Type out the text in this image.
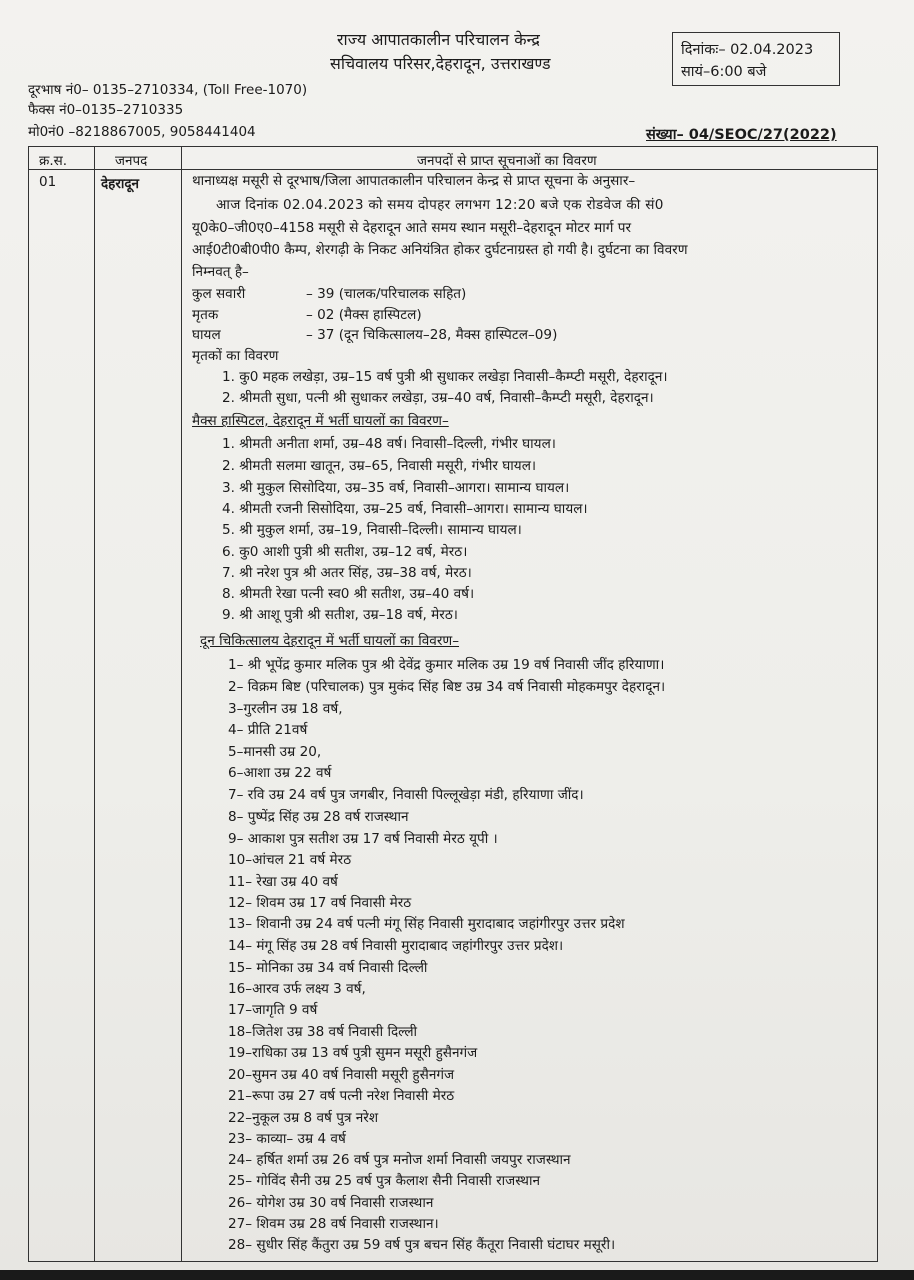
राज्य आपातकालीन परिचालन केन्द्र
सचिवालय परिसर,देहरादून, उत्तराखण्ड
दिनांकः– 02.04.2023
सायं–6:00 बजे
दूरभाष नं0– 0135–2710334, (Toll Free-1070)
फैक्स नं0–0135–2710335
मो0नं0 –8218867005, 9058441404	संख्या– 04/SEOC/27(2022)
क्र.स.	जनपद	जनपदों से प्राप्त सूचनाओं का विवरण
01	देहरादून	थानाध्यक्ष मसूरी से दूरभाष/जिला आपातकालीन परिचालन केन्द्र से प्राप्त सूचना के अनुसार–
आज दिनांक 02.04.2023 को समय दोपहर लगभग 12:20 बजे एक रोडवेज की सं0
यू0के0–जी0ए0–4158 मसूरी से देहरादून आते समय स्थान मसूरी–देहरादून मोटर मार्ग पर
आई0टी0बी0पी0 कैम्प, शेरगढ़ी के निकट अनियंत्रित होकर दुर्घटनाग्रस्त हो गयी है। दुर्घटना का विवरण
निम्नवत् है–
कुल सवारी	– 39 (चालक/परिचालक सहित)
मृतक	– 02 (मैक्स हास्पिटल)
घायल	– 37 (दून चिकित्सालय–28, मैक्स हास्पिटल–09)
मृतकों का विवरण
1. कु0 महक लखेड़ा, उम्र–15 वर्ष पुत्री श्री सुधाकर लखेड़ा निवासी–कैम्प्टी मसूरी, देहरादून।
2. श्रीमती सुधा, पत्नी श्री सुधाकर लखेड़ा, उम्र–40 वर्ष, निवासी–कैम्प्टी मसूरी, देहरादून।
मैक्स हास्पिटल, देहरादून में भर्ती घायलों का विवरण–
1. श्रीमती अनीता शर्मा, उम्र–48 वर्ष। निवासी–दिल्ली, गंभीर घायल।
2. श्रीमती सलमा खातून, उम्र–65, निवासी मसूरी, गंभीर घायल।
3. श्री मुकुल सिसोदिया, उम्र–35 वर्ष, निवासी–आगरा। सामान्य घायल।
4. श्रीमती रजनी सिसोदिया, उम्र–25 वर्ष, निवासी–आगरा। सामान्य घायल।
5. श्री मुकुल शर्मा, उम्र–19, निवासी–दिल्ली। सामान्य घायल।
6. कु0 आशी पुत्री श्री सतीश, उम्र–12 वर्ष, मेरठ।
7. श्री नरेश पुत्र श्री अतर सिंह, उम्र–38 वर्ष, मेरठ।
8. श्रीमती रेखा पत्नी स्व0 श्री सतीश, उम्र–40 वर्ष।
9. श्री आशू पुत्री श्री सतीश, उम्र–18 वर्ष, मेरठ।
दून चिकित्सालय देहरादून में भर्ती घायलों का विवरण–
1– श्री भूपेंद्र कुमार मलिक पुत्र श्री देवेंद्र कुमार मलिक उम्र 19 वर्ष निवासी जींद हरियाणा।
2– विक्रम बिष्ट (परिचालक) पुत्र मुकंद सिंह बिष्ट उम्र 34 वर्ष निवासी मोहकमपुर देहरादून।
3–गुरलीन उम्र 18 वर्ष,
4– प्रीति 21वर्ष
5–मानसी उम्र 20,
6–आशा उम्र 22 वर्ष
7– रवि उम्र 24 वर्ष पुत्र जगबीर, निवासी पिल्लूखेड़ा मंडी, हरियाणा जींद।
8– पुष्पेंद्र सिंह उम्र 28 वर्ष राजस्थान
9– आकाश पुत्र सतीश उम्र 17 वर्ष निवासी मेरठ यूपी ।
10–आंचल 21 वर्ष मेरठ
11– रेखा उम्र 40 वर्ष
12– शिवम उम्र 17 वर्ष निवासी मेरठ
13– शिवानी उम्र 24 वर्ष पत्नी मंगू सिंह निवासी मुरादाबाद जहांगीरपुर उत्तर प्रदेश
14– मंगू सिंह उम्र 28 वर्ष निवासी मुरादाबाद जहांगीरपुर उत्तर प्रदेश।
15– मोनिका उम्र 34 वर्ष निवासी दिल्ली
16–आरव उर्फ लक्ष्य 3 वर्ष,
17–जागृति 9 वर्ष
18–जितेश उम्र 38 वर्ष निवासी दिल्ली
19–राधिका उम्र 13 वर्ष पुत्री सुमन मसूरी हुसैनगंज
20–सुमन उम्र 40 वर्ष निवासी मसूरी हुसैनगंज
21–रूपा उम्र 27 वर्ष पत्नी नरेश निवासी मेरठ
22–नुकूल उम्र 8 वर्ष पुत्र नरेश
23– काव्या– उम्र 4 वर्ष
24– हर्षित शर्मा उम्र 26 वर्ष पुत्र मनोज शर्मा निवासी जयपुर राजस्थान
25– गोविंद सैनी उम्र 25 वर्ष पुत्र कैलाश सैनी निवासी राजस्थान
26– योगेश उम्र 30 वर्ष निवासी राजस्थान
27– शिवम उम्र 28 वर्ष निवासी राजस्थान।
28– सुधीर सिंह कैंतुरा उम्र 59 वर्ष पुत्र बचन सिंह कैंतूरा निवासी घंटाघर मसूरी।
